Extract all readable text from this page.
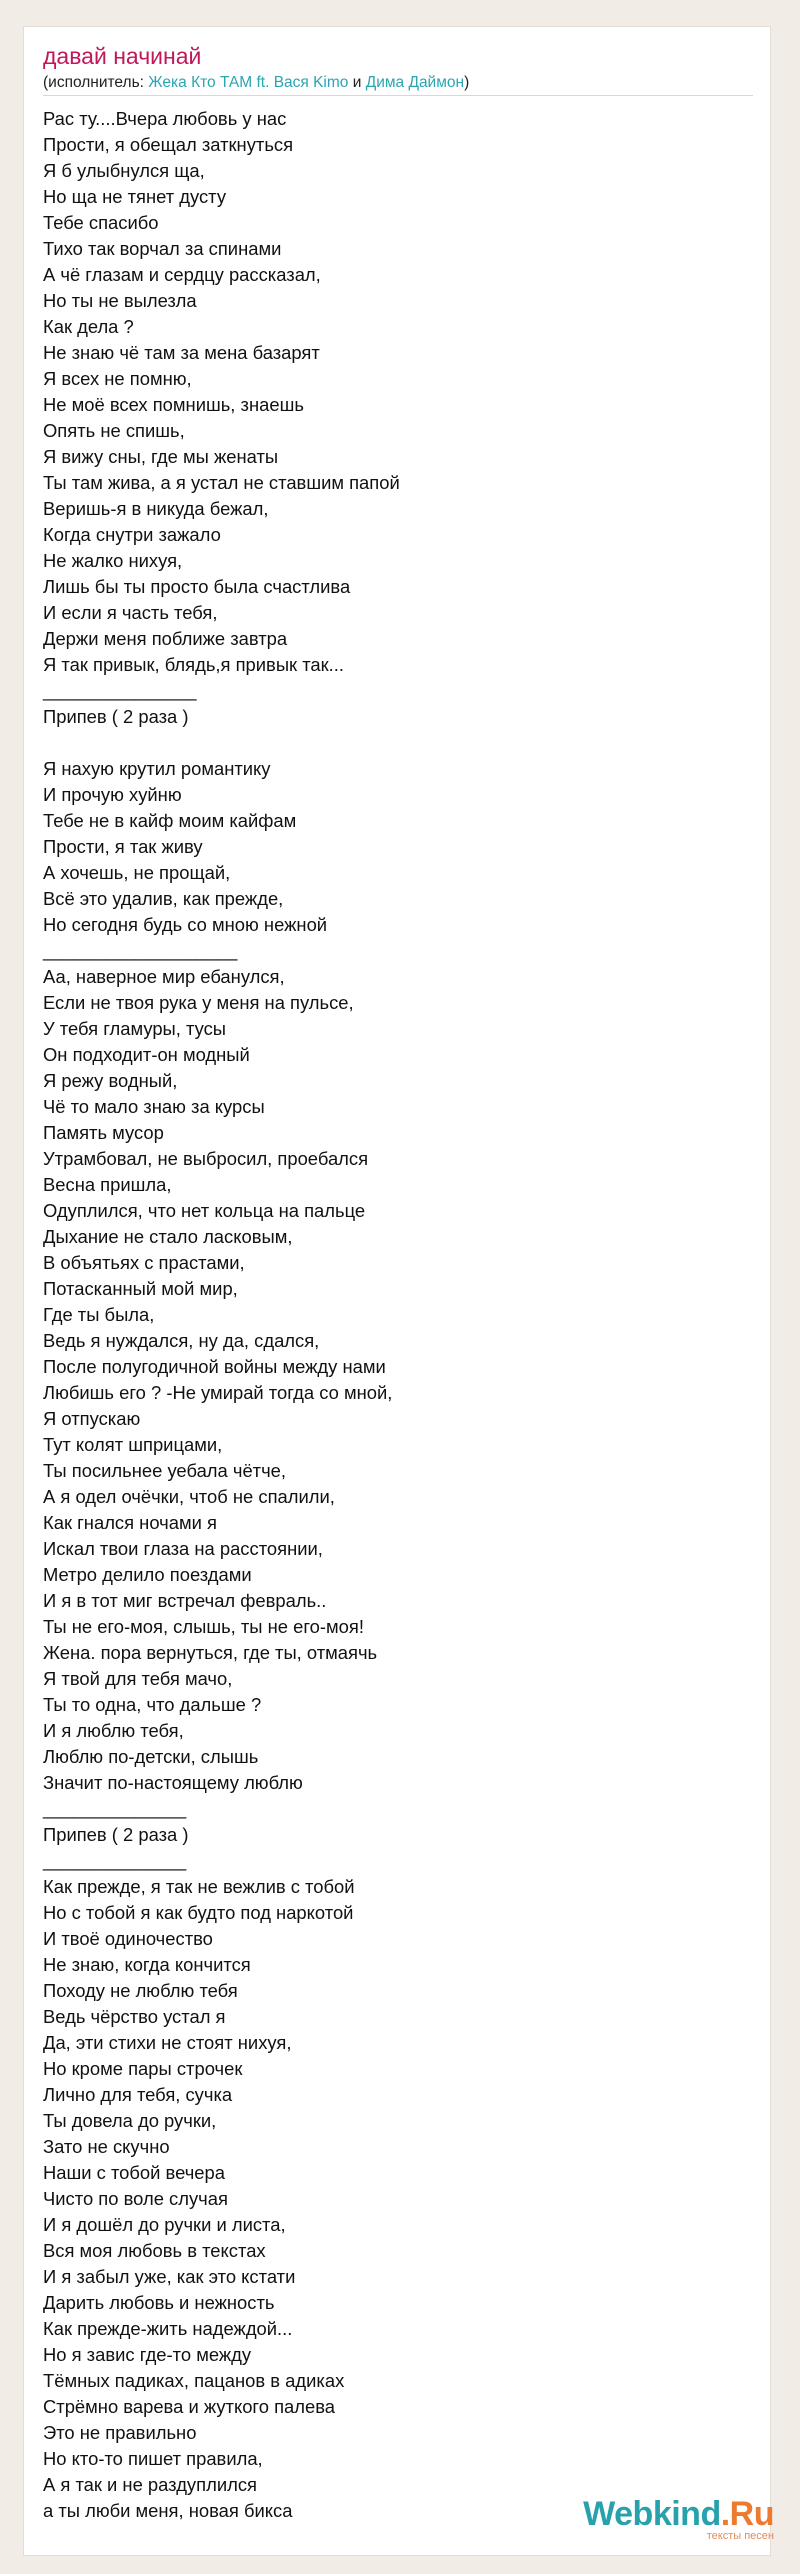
давай начинай
(исполнитель: Жека Кто ТАМ ft. Вася Kimo и Дима Даймон)
Рас ту....Вчера любовь у нас
Прости, я обещал заткнуться
Я б улыбнулся ща,
Но ща не тянет дусту
Тебе спасибо
Тихо так ворчал за спинами
А чё глазам и сердцу рассказал,
Но ты не вылезла
Как дела ?
Не знаю чё там за мена базарят
Я всех не помню,
Не моё всех помнишь, знаешь
Опять не спишь,
Я вижу сны, где мы женаты
Ты там жива, а я устал не ставшим папой
Веришь-я в никуда бежал,
Когда снутри зажало
Не жалко нихуя,
Лишь бы ты просто была счастлива
И если я часть тебя,
Держи меня поближе завтра
Я так привык, блядь,я привык так...
_______________
Припев ( 2 раза )
Я нахую крутил романтику
И прочую хуйню
Тебе не в кайф моим кайфам
Прости, я так живу
А хочешь, не прощай,
Всё это удалив, как прежде,
Но сегодня будь со мною нежной
___________________
Аа, наверное мир ебанулся,
Если не твоя рука у меня на пульсе,
У тебя гламуры, тусы
Он подходит-он модный
Я режу водный,
Чё то мало знаю за курсы
Память мусор
Утрамбовал, не выбросил, проебался
Весна пришла,
Одуплился, что нет кольца на пальце
Дыхание не стало ласковым,
В объятьях с прастами,
Потасканный мой мир,
Где ты была,
Ведь я нуждался, ну да, сдался,
После полугодичной войны между нами
Любишь его ? -Не умирай тогда со мной,
Я отпускаю
Тут колят шприцами,
Ты посильнее уебала чётче,
А я одел очёчки, чтоб не спалили,
Как гнался ночами я
Искал твои глаза на расстоянии,
Метро делило поездами
И я в тот миг встречал февраль..
Ты не его-моя, слышь, ты не его-моя!
Жена. пора вернуться, где ты, отмаячь
Я твой для тебя мачо,
Ты то одна, что дальше ?
И я люблю тебя,
Люблю по-детски, слышь
Значит по-настоящему люблю
______________
Припев ( 2 раза )
______________
Как прежде, я так не вежлив с тобой
Но с тобой я как будто под наркотой
И твоё одиночество
Не знаю, когда кончится
Походу не люблю тебя
Ведь чёрство устал я
Да, эти стихи не стоят нихуя,
Но кроме пары строчек
Лично для тебя, сучка
Ты довела до ручки,
Зато не скучно
Наши с тобой вечера
Чисто по воле случая
И я дошёл до ручки и листа,
Вся моя любовь в текстах
И я забыл уже, как это кстати
Дарить любовь и нежность
Как прежде-жить надеждой...
Но я завис где-то между
Тёмных падиках, пацанов в адиках
Стрёмно варева и жуткого палева
Это не правильно
Но кто-то пишет правила,
А я так и не раздуплился
а ты люби меня, новая бикса	Webkind.Ru
тексты песен
